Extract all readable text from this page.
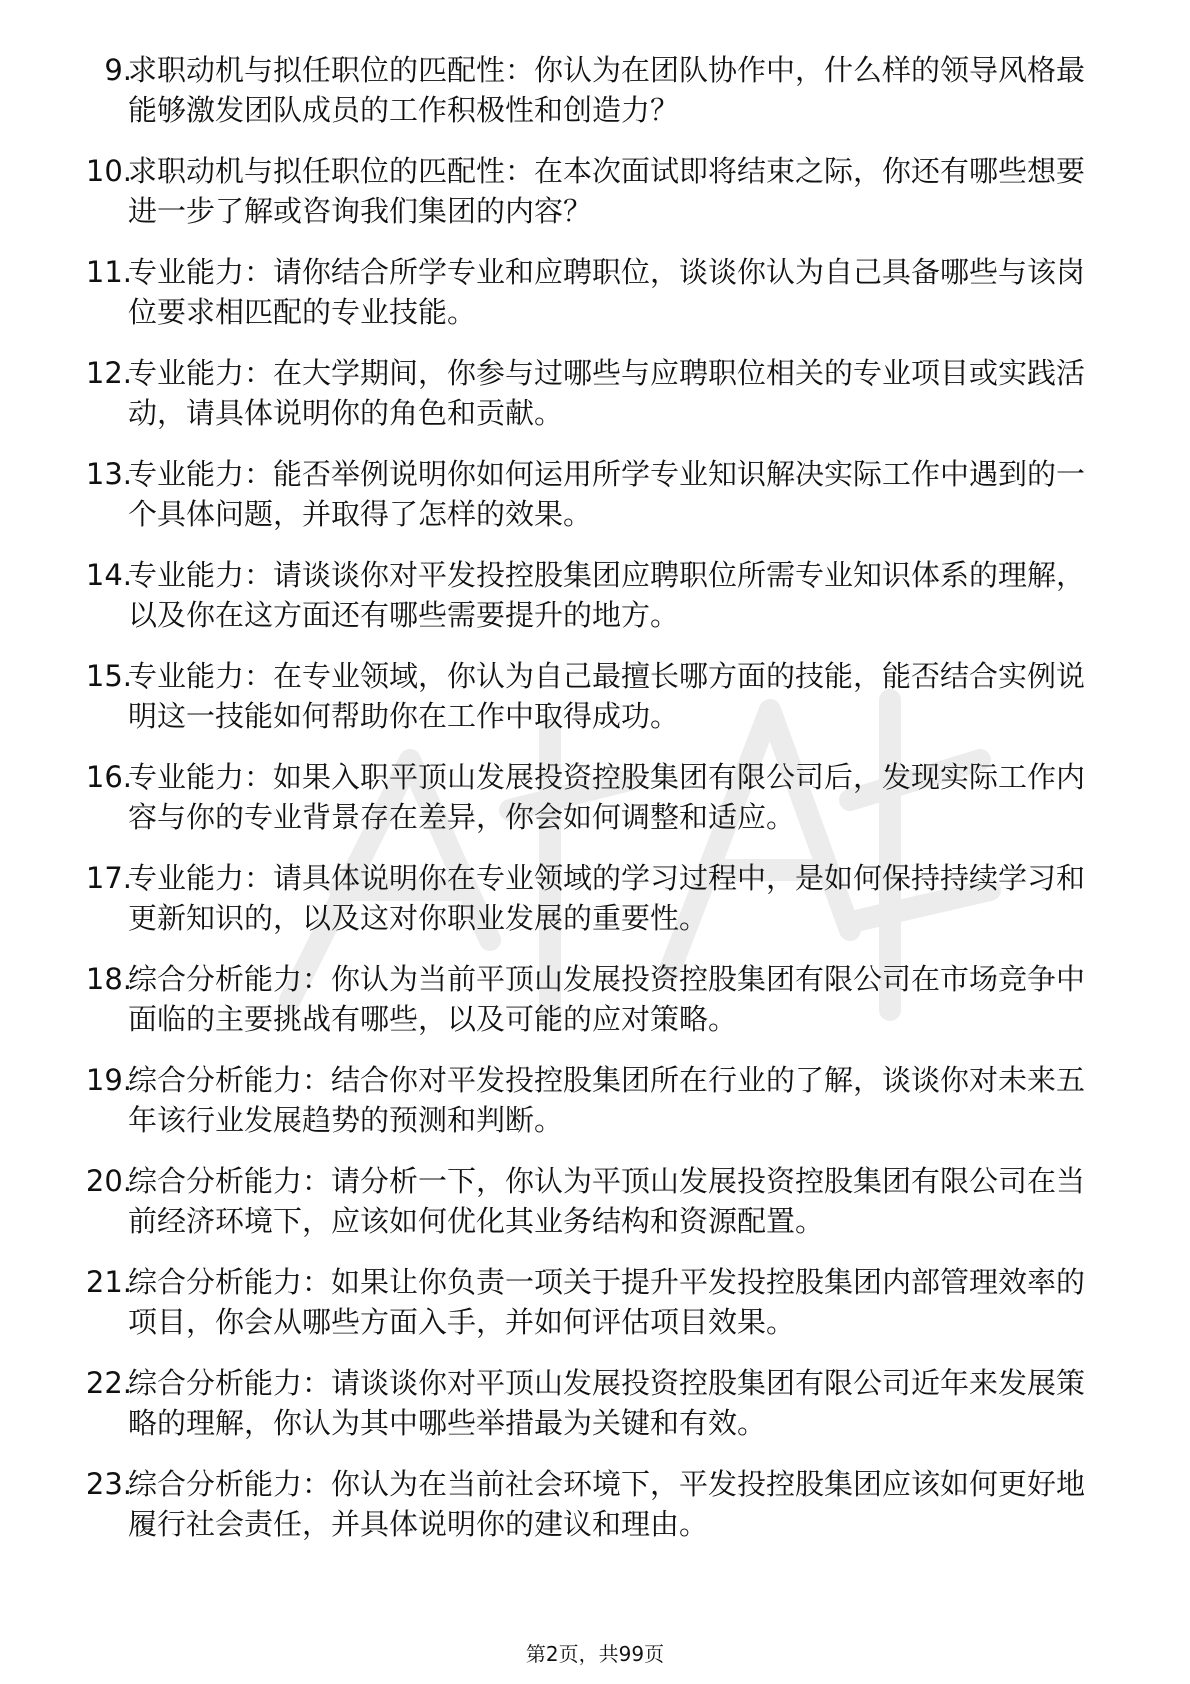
9.
求职动机与拟任职位的匹配性：你认为在团队协作中，什么样的领导风格最能够激发团队成员的工作积极性和创造力？
10.
求职动机与拟任职位的匹配性：在本次面试即将结束之际，你还有哪些想要进一步了解或咨询我们集团的内容？
11.
专业能力：请你结合所学专业和应聘职位，谈谈你认为自己具备哪些与该岗位要求相匹配的专业技能。
12.
专业能力：在大学期间，你参与过哪些与应聘职位相关的专业项目或实践活动，请具体说明你的角色和贡献。
13.
专业能力：能否举例说明你如何运用所学专业知识解决实际工作中遇到的一个具体问题，并取得了怎样的效果。
14.
专业能力：请谈谈你对平发投控股集团应聘职位所需专业知识体系的理解，以及你在这方面还有哪些需要提升的地方。
15.
专业能力：在专业领域，你认为自己最擅长哪方面的技能，能否结合实例说明这一技能如何帮助你在工作中取得成功。
16.
专业能力：如果入职平顶山发展投资控股集团有限公司后，发现实际工作内容与你的专业背景存在差异，你会如何调整和适应。
17.
专业能力：请具体说明你在专业领域的学习过程中，是如何保持持续学习和更新知识的，以及这对你职业发展的重要性。
18.
综合分析能力：你认为当前平顶山发展投资控股集团有限公司在市场竞争中面临的主要挑战有哪些，以及可能的应对策略。
19.
综合分析能力：结合你对平发投控股集团所在行业的了解，谈谈你对未来五年该行业发展趋势的预测和判断。
20.
综合分析能力：请分析一下，你认为平顶山发展投资控股集团有限公司在当前经济环境下，应该如何优化其业务结构和资源配置。
21.
综合分析能力：如果让你负责一项关于提升平发投控股集团内部管理效率的项目，你会从哪些方面入手，并如何评估项目效果。
22.
综合分析能力：请谈谈你对平顶山发展投资控股集团有限公司近年来发展策略的理解，你认为其中哪些举措最为关键和有效。
23.
综合分析能力：你认为在当前社会环境下，平发投控股集团应该如何更好地履行社会责任，并具体说明你的建议和理由。
第2页，共99页
